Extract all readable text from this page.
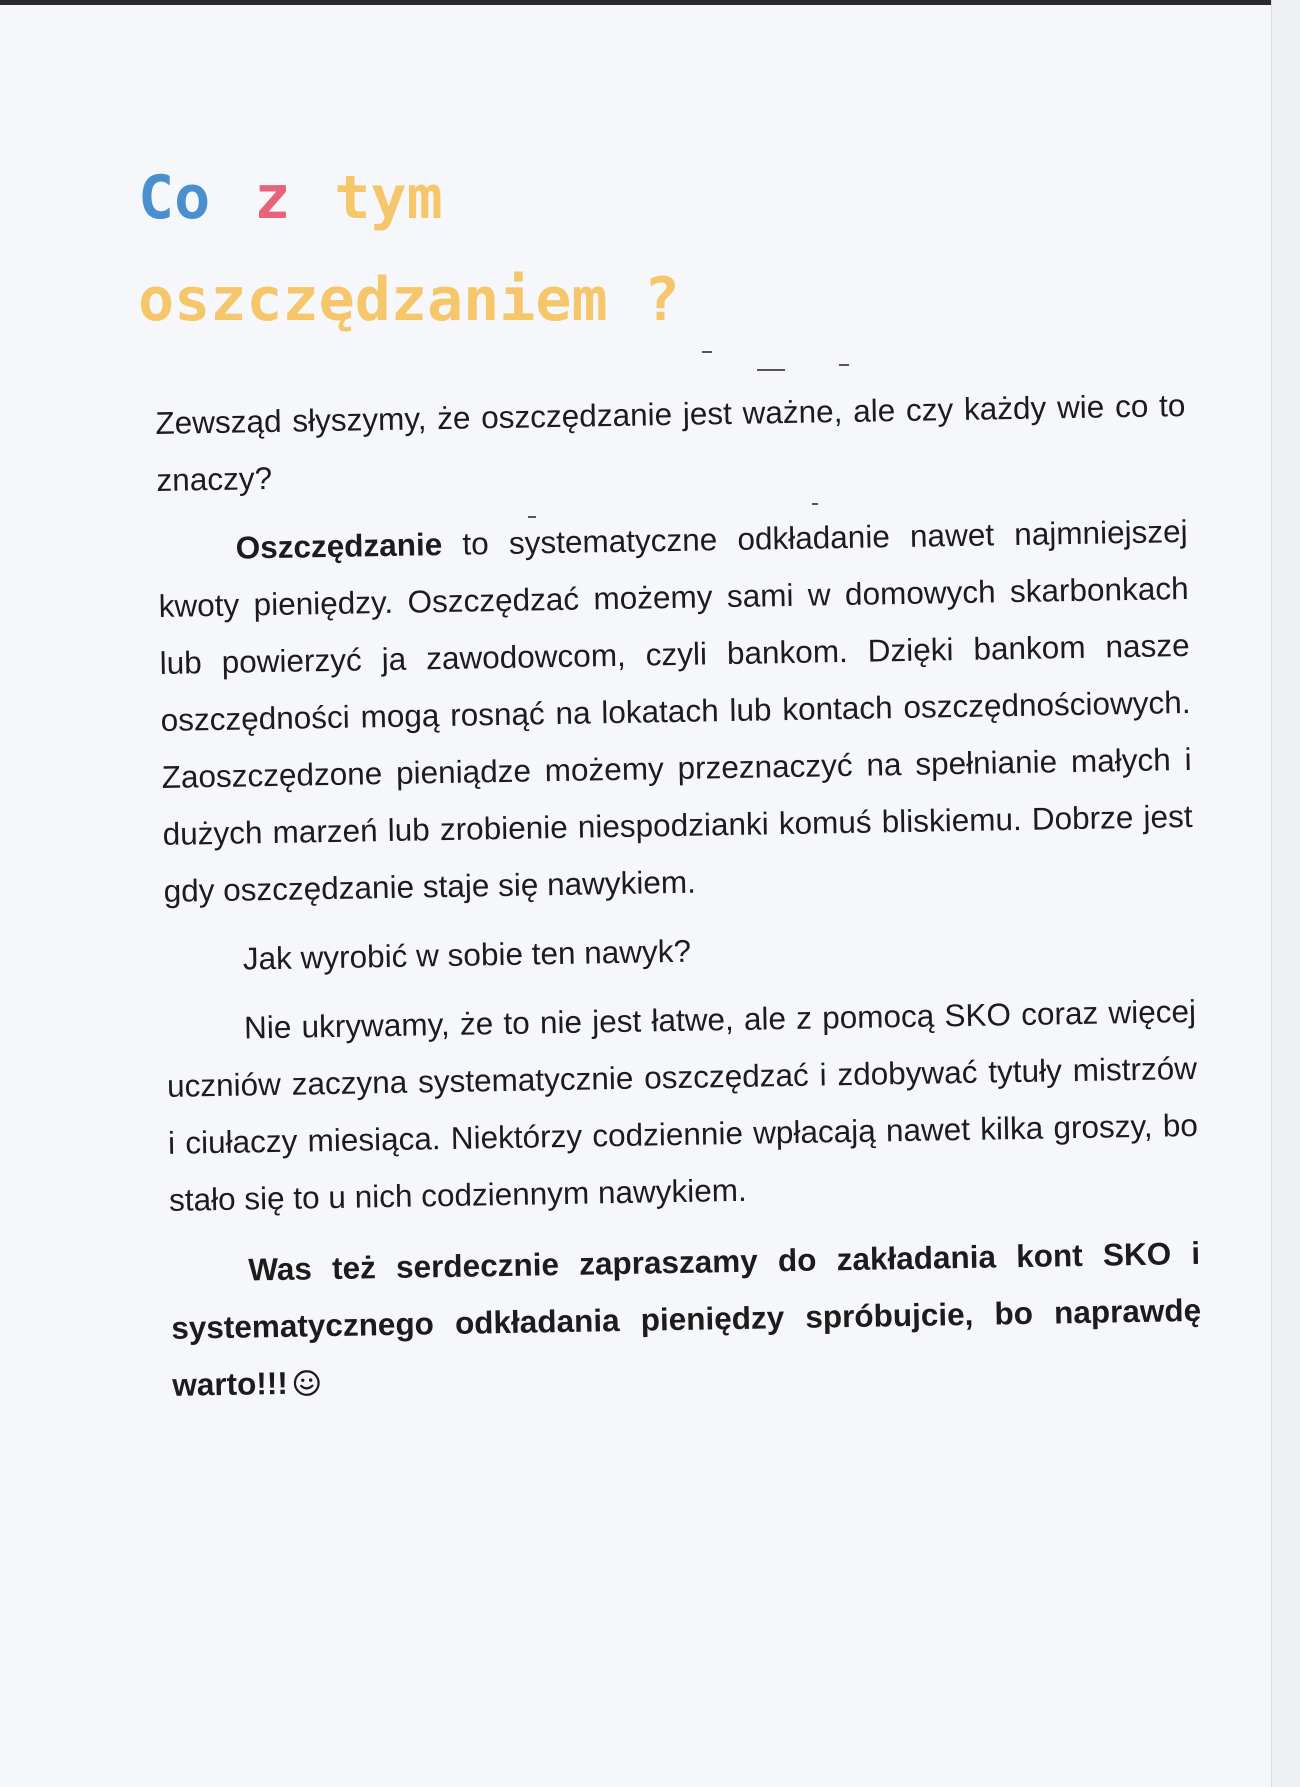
Co z tym
oszczędzaniem ?

Zewsząd słyszymy, że oszczędzanie jest ważne, ale czy każdy wie co to znaczy?

Oszczędzanie to systematyczne odkładanie nawet najmniejszej kwoty pieniędzy. Oszczędzać możemy sami w domowych skarbonkach lub powierzyć ja zawodowcom, czyli bankom. Dzięki bankom nasze oszczędności mogą rosnąć na lokatach lub kontach oszczędnościowych. Zaoszczędzone pieniądze możemy przeznaczyć na spełnianie małych i dużych marzeń lub zrobienie niespodzianki komuś bliskiemu. Dobrze jest gdy oszczędzanie staje się nawykiem.

Jak wyrobić w sobie ten nawyk?

Nie ukrywamy, że to nie jest łatwe, ale z pomocą SKO coraz więcej uczniów zaczyna systematycznie oszczędzać i zdobywać tytuły mistrzów i ciułaczy miesiąca. Niektórzy codziennie wpłacają nawet kilka groszy, bo stało się to u nich codziennym nawykiem.

Was też serdecznie zapraszamy do zakładania kont SKO i systematycznego odkładania pieniędzy spróbujcie, bo naprawdę warto!!!
